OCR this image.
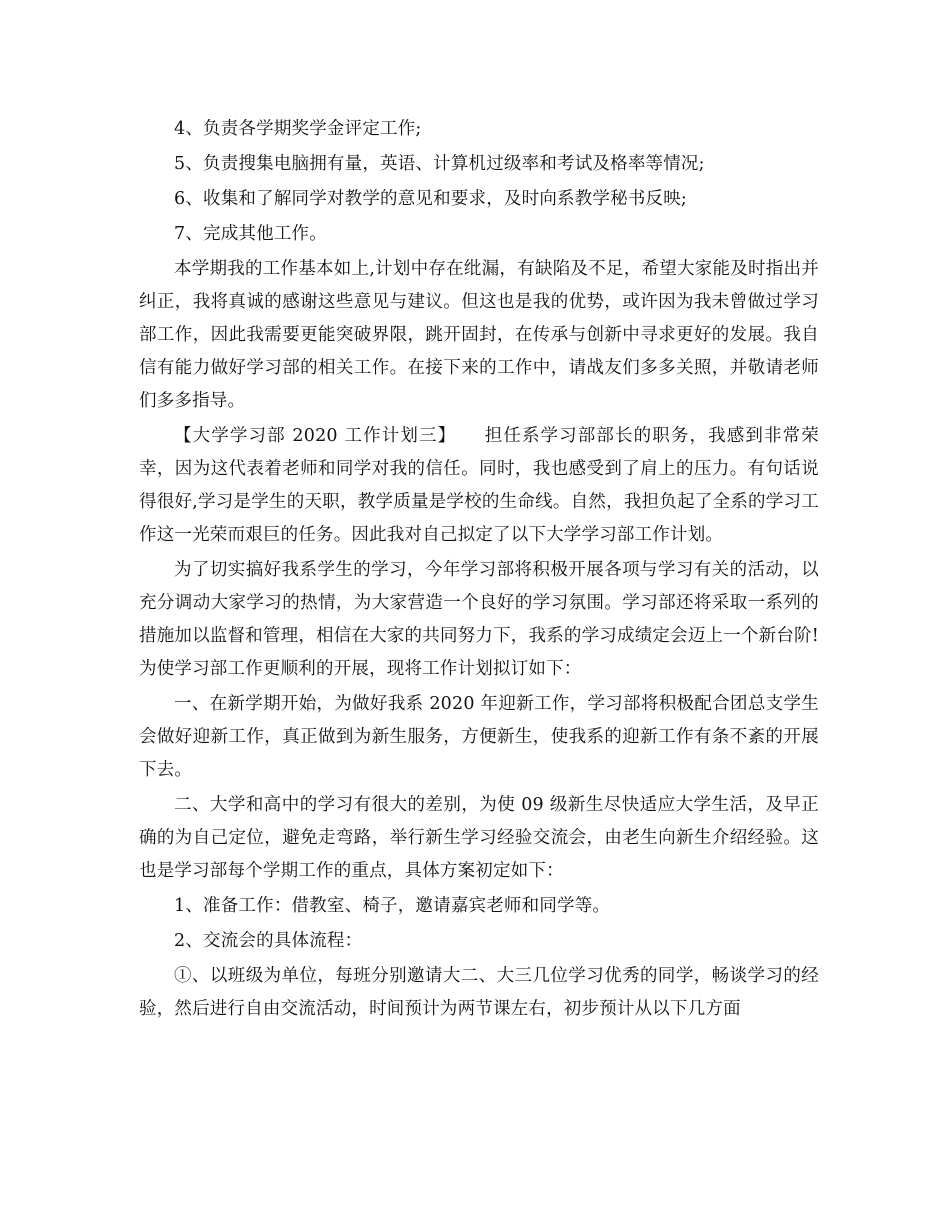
4、负责各学期奖学金评定工作;

5、负责搜集电脑拥有量，英语、计算机过级率和考试及格率等情况;

6、收集和了解同学对教学的意见和要求，及时向系教学秘书反映;

7、完成其他工作。

本学期我的工作基本如上,计划中存在纰漏，有缺陷及不足，希望大家能及时指出并纠正，我将真诚的感谢这些意见与建议。但这也是我的优势，或许因为我未曾做过学习部工作，因此我需要更能突破界限，跳开固封，在传承与创新中寻求更好的发展。我自信有能力做好学习部的相关工作。在接下来的工作中，请战友们多多关照，并敬请老师们多多指导。

【大学学习部 2020 工作计划三】　　担任系学习部部长的职务，我感到非常荣幸，因为这代表着老师和同学对我的信任。同时，我也感受到了肩上的压力。有句话说得很好,学习是学生的天职，教学质量是学校的生命线。自然，我担负起了全系的学习工作这一光荣而艰巨的任务。因此我对自己拟定了以下大学学习部工作计划。

为了切实搞好我系学生的学习，今年学习部将积极开展各项与学习有关的活动，以充分调动大家学习的热情，为大家营造一个良好的学习氛围。学习部还将采取一系列的措施加以监督和管理，相信在大家的共同努力下，我系的学习成绩定会迈上一个新台阶!为使学习部工作更顺利的开展，现将工作计划拟订如下：

一、在新学期开始，为做好我系 2020 年迎新工作，学习部将积极配合团总支学生会做好迎新工作，真正做到为新生服务，方便新生，使我系的迎新工作有条不紊的开展下去。

二、大学和高中的学习有很大的差别，为使 09 级新生尽快适应大学生活，及早正确的为自己定位，避免走弯路，举行新生学习经验交流会，由老生向新生介绍经验。这也是学习部每个学期工作的重点，具体方案初定如下：

1、准备工作：借教室、椅子，邀请嘉宾老师和同学等。

2、交流会的具体流程：

①、以班级为单位，每班分别邀请大二、大三几位学习优秀的同学，畅谈学习的经验，然后进行自由交流活动，时间预计为两节课左右，初步预计从以下几方面
